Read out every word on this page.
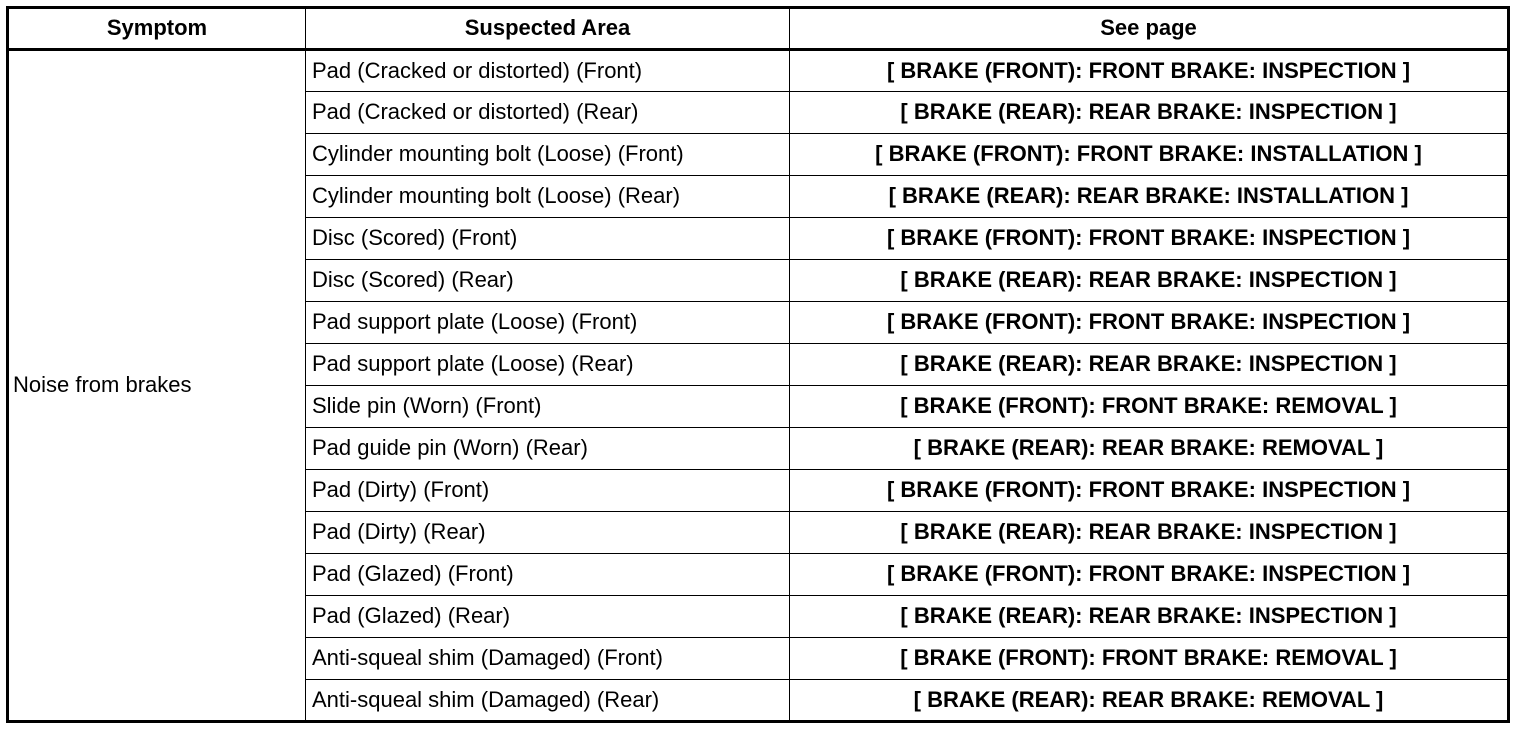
Symptom	Suspected Area	See page
Noise from brakes	Pad (Cracked or distorted) (Front)	[ BRAKE (FRONT): FRONT BRAKE: INSPECTION ]
	Pad (Cracked or distorted) (Rear)	[ BRAKE (REAR): REAR BRAKE: INSPECTION ]
	Cylinder mounting bolt (Loose) (Front)	[ BRAKE (FRONT): FRONT BRAKE: INSTALLATION ]
	Cylinder mounting bolt (Loose) (Rear)	[ BRAKE (REAR): REAR BRAKE: INSTALLATION ]
	Disc (Scored) (Front)	[ BRAKE (FRONT): FRONT BRAKE: INSPECTION ]
	Disc (Scored) (Rear)	[ BRAKE (REAR): REAR BRAKE: INSPECTION ]
	Pad support plate (Loose) (Front)	[ BRAKE (FRONT): FRONT BRAKE: INSPECTION ]
	Pad support plate (Loose) (Rear)	[ BRAKE (REAR): REAR BRAKE: INSPECTION ]
	Slide pin (Worn) (Front)	[ BRAKE (FRONT): FRONT BRAKE: REMOVAL ]
	Pad guide pin (Worn) (Rear)	[ BRAKE (REAR): REAR BRAKE: REMOVAL ]
	Pad (Dirty) (Front)	[ BRAKE (FRONT): FRONT BRAKE: INSPECTION ]
	Pad (Dirty) (Rear)	[ BRAKE (REAR): REAR BRAKE: INSPECTION ]
	Pad (Glazed) (Front)	[ BRAKE (FRONT): FRONT BRAKE: INSPECTION ]
	Pad (Glazed) (Rear)	[ BRAKE (REAR): REAR BRAKE: INSPECTION ]
	Anti-squeal shim (Damaged) (Front)	[ BRAKE (FRONT): FRONT BRAKE: REMOVAL ]
	Anti-squeal shim (Damaged) (Rear)	[ BRAKE (REAR): REAR BRAKE: REMOVAL ]
